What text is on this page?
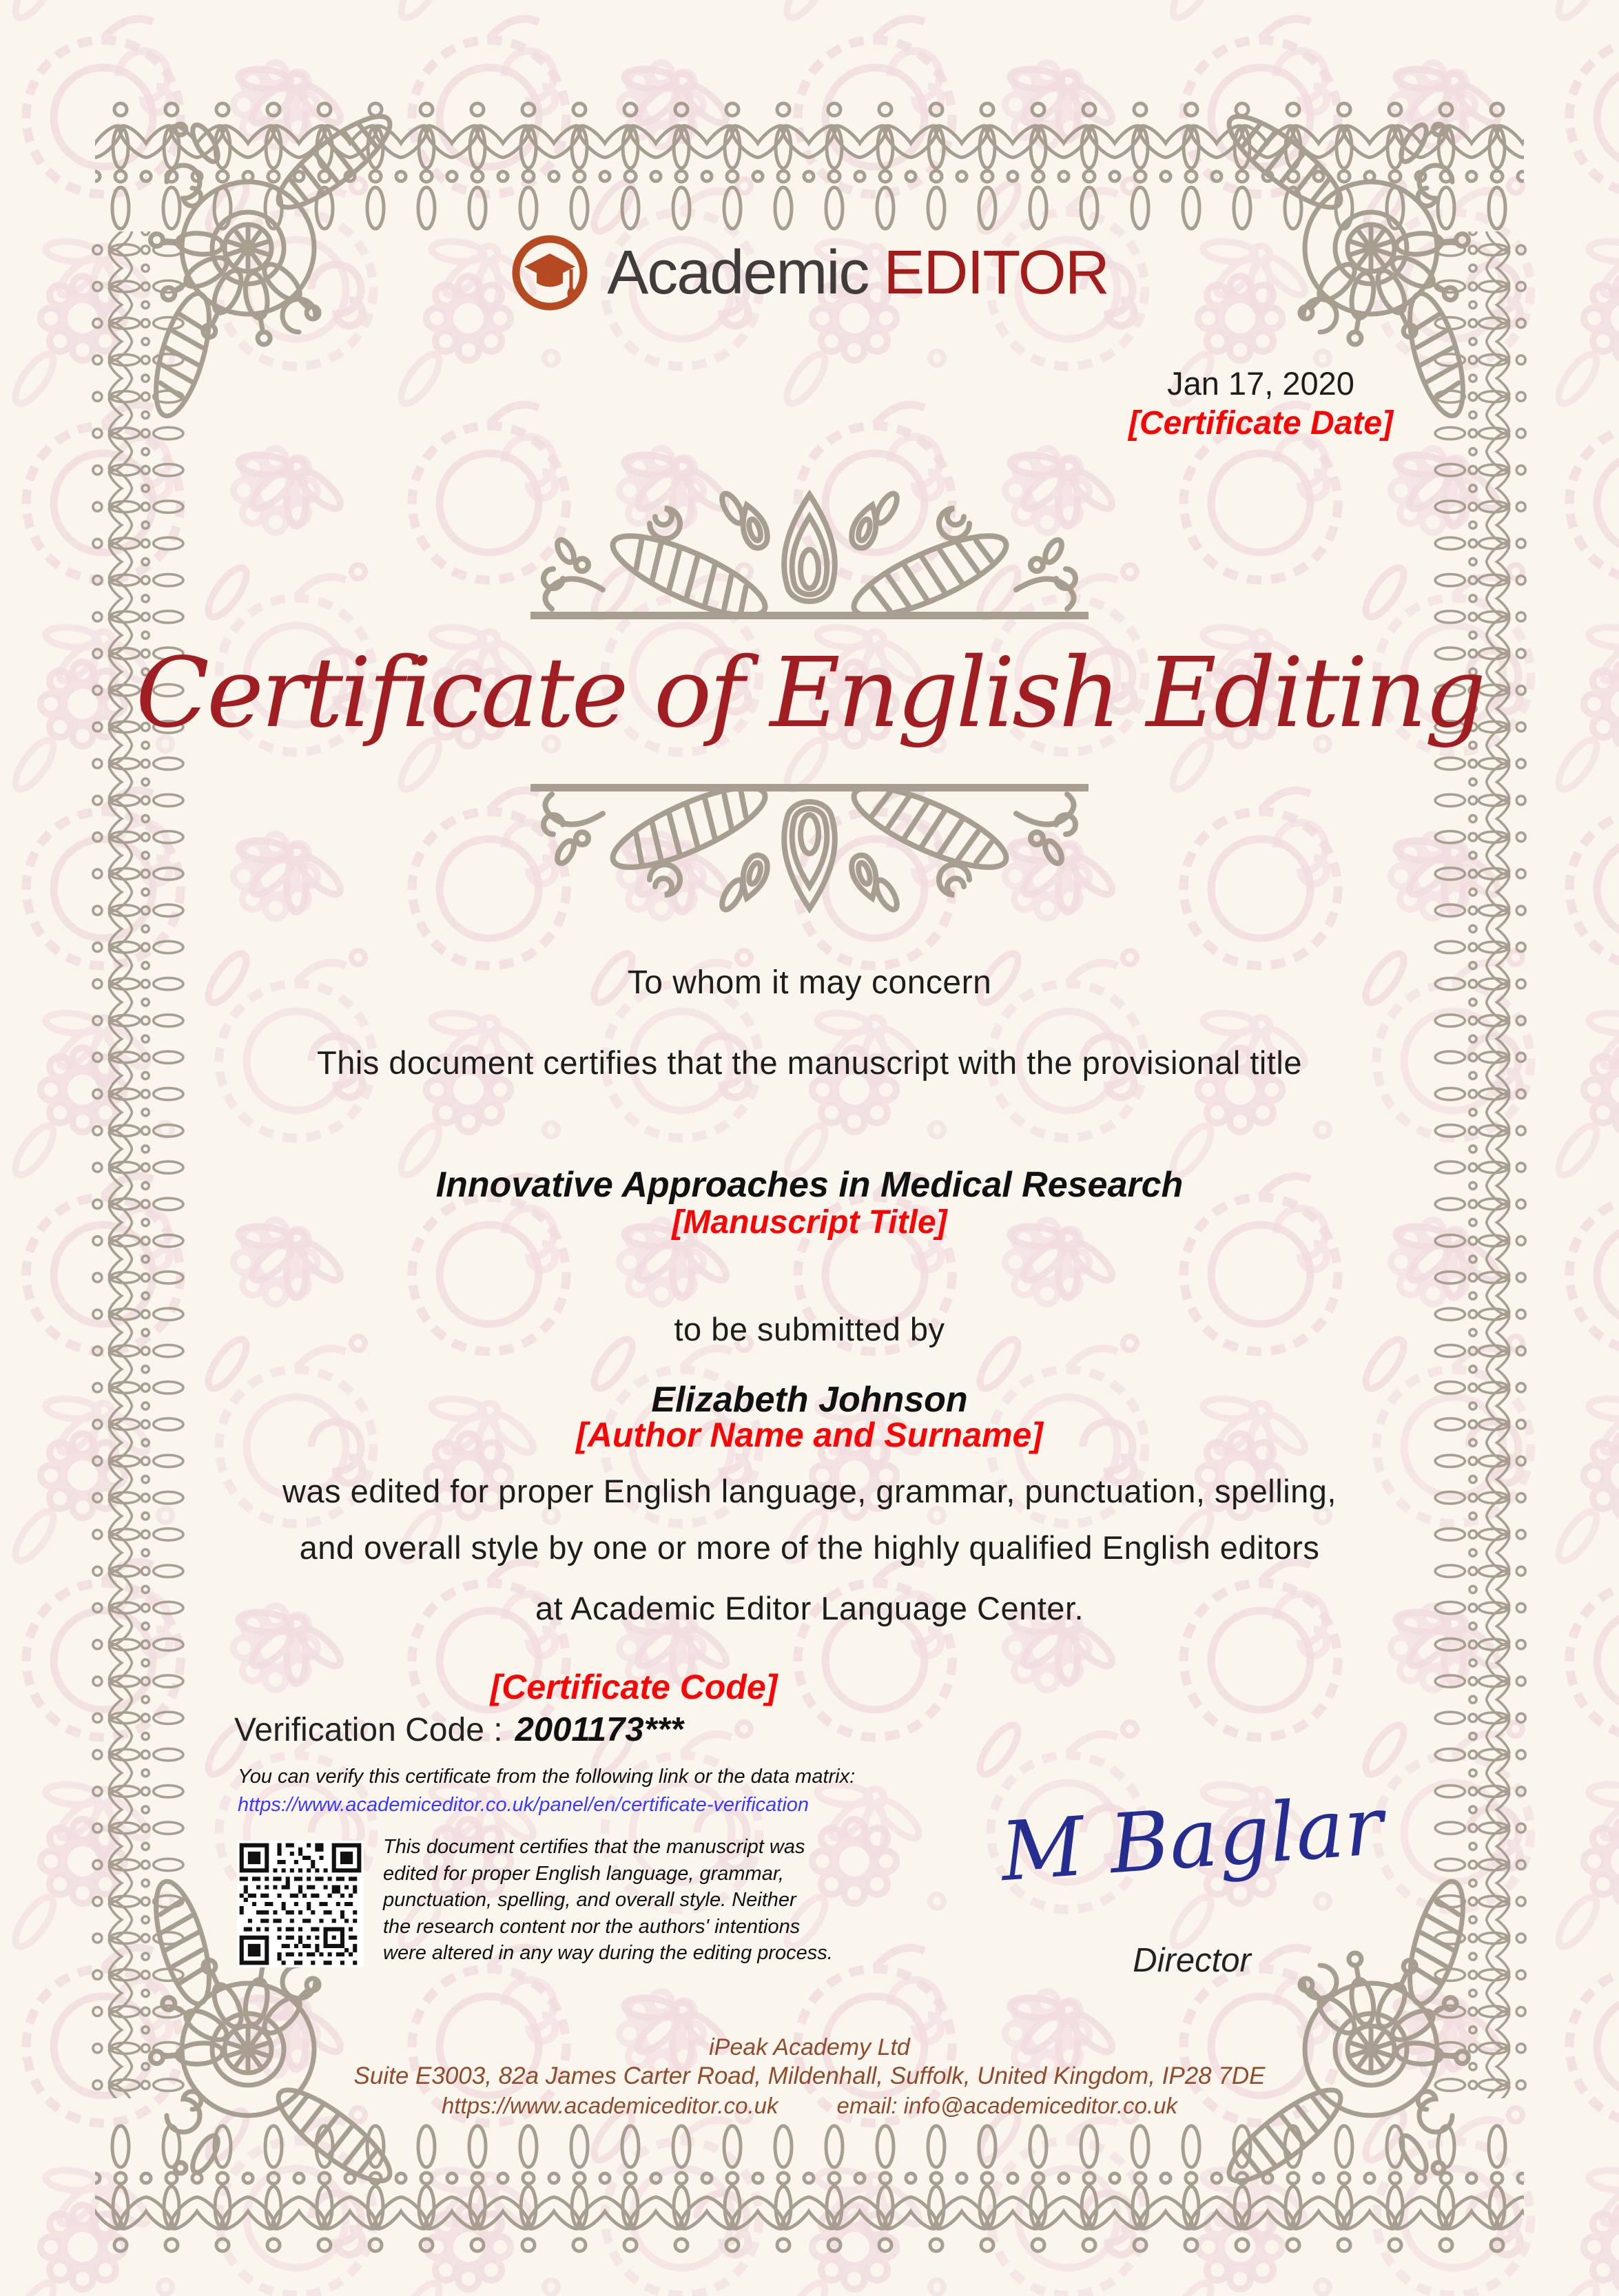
Academic EDITOR
Jan 17, 2020
[Certificate Date]
Certificate of English Editing
To whom it may concern
This document certifies that the manuscript with the provisional title
Innovative Approaches in Medical Research
[Manuscript Title]
to be submitted by
Elizabeth Johnson
[Author Name and Surname]
was edited for proper English language, grammar, punctuation, spelling,
and overall style by one or more of the highly qualified English editors
at Academic Editor Language Center.
[Certificate Code]
Verification Code : 2001173***
You can verify this certificate from the following link or the data matrix:
https://www.academiceditor.co.uk/panel/en/certificate-verification
This document certifies that the manuscript was
edited for proper English language, grammar,
punctuation, spelling, and overall style. Neither
the research content nor the authors' intentions
were altered in any way during the editing process.
M Baglar
Director
iPeak Academy Ltd
Suite E3003, 82a James Carter Road, Mildenhall, Suffolk, United Kingdom, IP28 7DE
https://www.academiceditor.co.uk	email: info@academiceditor.co.uk
